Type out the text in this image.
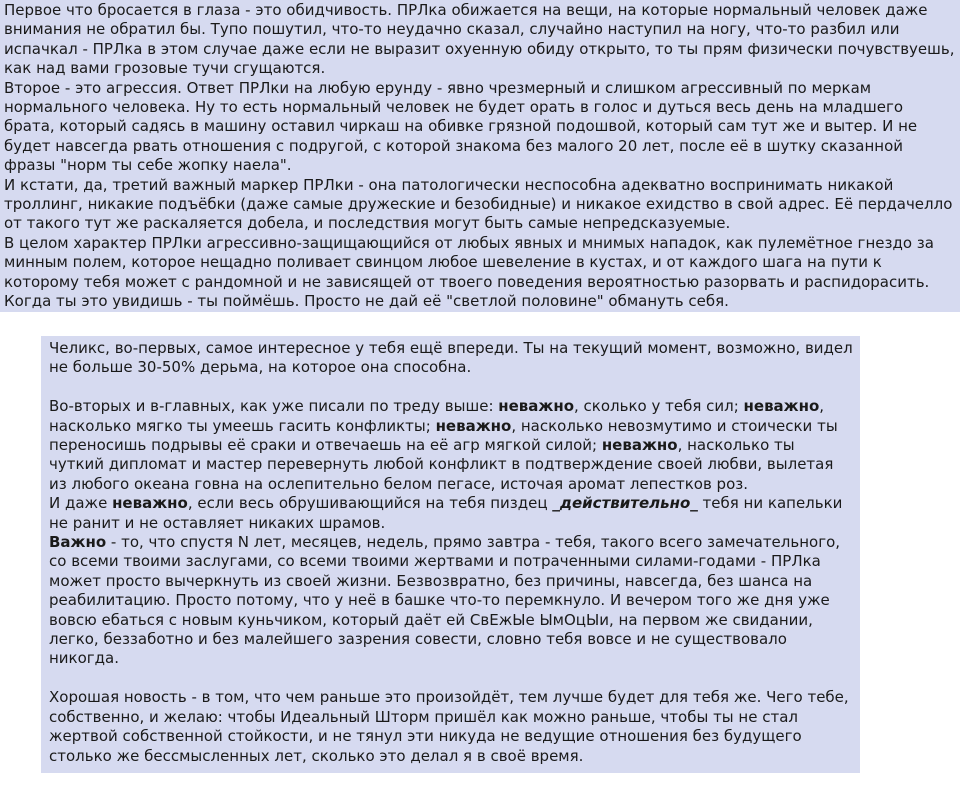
Первое что бросается в глаза - это обидчивость. ПРЛка обижается на вещи, на которые нормальный человек даже внимания не обратил бы. Тупо пошутил, что-то неудачно сказал, случайно наступил на ногу, что-то разбил или испачкал - ПРЛка в этом случае даже если не выразит охуенную обиду открыто, то ты прям физически почувствуешь, как над вами грозовые тучи сгущаются.

Второе - это агрессия. Ответ ПРЛки на любую ерунду - явно чрезмерный и слишком агрессивный по меркам нормального человека. Ну то есть нормальный человек не будет орать в голос и дуться весь день на младшего брата, который садясь в машину оставил чиркаш на обивке грязной подошвой, который сам тут же и вытер. И не будет навсегда рвать отношения с подругой, с которой знакома без малого 20 лет, после её в шутку сказанной фразы "норм ты себе жопку наела".

И кстати, да, третий важный маркер ПРЛки - она патологически неспособна адекватно воспринимать никакой троллинг, никакие подъёбки (даже самые дружеские и безобидные) и никакое ехидство в свой адрес. Её пердачелло от такого тут же раскаляется добела, и последствия могут быть самые непредсказуемые.

В целом характер ПРЛки агрессивно-защищающийся от любых явных и мнимых нападок, как пулемётное гнездо за минным полем, которое нещадно поливает свинцом любое шевеление в кустах, и от каждого шага на пути к которому тебя может с рандомной и не зависящей от твоего поведения вероятностью разорвать и распидорасить.

Когда ты это увидишь - ты поймёшь. Просто не дай её "светлой половине" обмануть себя.

Челикс, во-первых, самое интересное у тебя ещё впереди. Ты на текущий момент, возможно, видел не больше 30-50% дерьма, на которое она способна.

Во-вторых и в-главных, как уже писали по треду выше: неважно, сколько у тебя сил; неважно, насколько мягко ты умеешь гасить конфликты; неважно, насколько невозмутимо и стоически ты переносишь подрывы её сраки и отвечаешь на её агр мягкой силой; неважно, насколько ты чуткий дипломат и мастер перевернуть любой конфликт в подтверждение своей любви, вылетая из любого океана говна на ослепительно белом пегасе, источая аромат лепестков роз.

И даже неважно, если весь обрушивающийся на тебя пиздец _действительно_ тебя ни капельки не ранит и не оставляет никаких шрамов.

Важно - то, что спустя N лет, месяцев, недель, прямо завтра - тебя, такого всего замечательного, со всеми твоими заслугами, со всеми твоими жертвами и потраченными силами-годами - ПРЛка может просто вычеркнуть из своей жизни. Безвозвратно, без причины, навсегда, без шанса на реабилитацию. Просто потому, что у неё в башке что-то перемкнуло. И вечером того же дня уже вовсю ебаться с новым куньчиком, который даёт ей СвЕжЫе ЫмОцЫи, на первом же свидании, легко, беззаботно и без малейшего зазрения совести, словно тебя вовсе и не существовало никогда.

Хорошая новость - в том, что чем раньше это произойдёт, тем лучше будет для тебя же. Чего тебе, собственно, и желаю: чтобы Идеальный Шторм пришёл как можно раньше, чтобы ты не стал жертвой собственной стойкости, и не тянул эти никуда не ведущие отношения без будущего столько же бессмысленных лет, сколько это делал я в своё время.
